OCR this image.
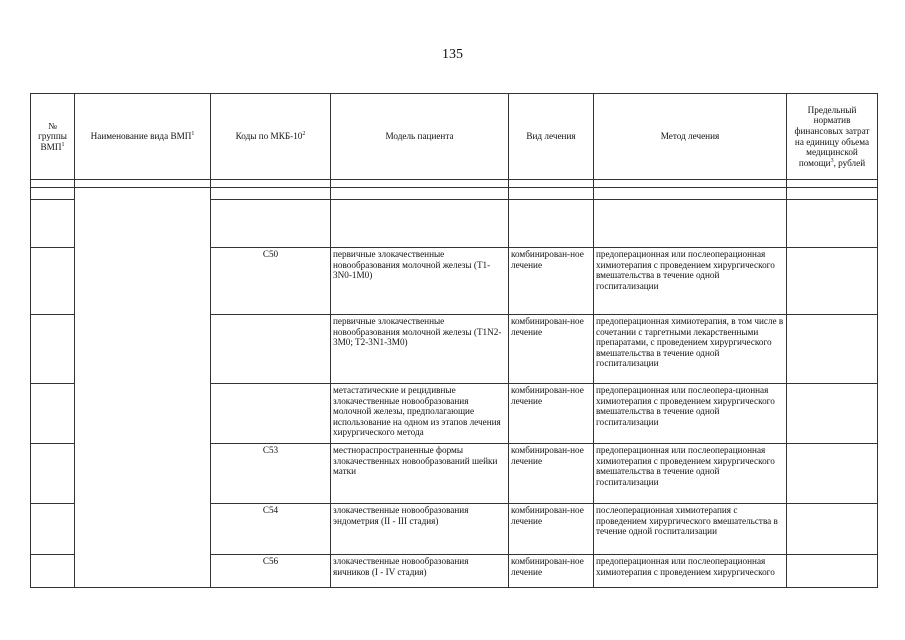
135
№ группы ВМП$^1$	Наименование вида ВМП$^1$	Коды по МКБ-$10^2$	Модель пациента	Вид лечения	Метод лечения	Предельный норматив финансовых затрат на единицу объема медицинской помощи$^3$, рублей

		C50	первичные злокачественные новообразования молочной железы (T1-3N0-1M0)	комбинирован-ное лечение	предоперационная или послеоперационная химиотерапия с проведением хирургического вмешательства в течение одной госпитализации	
			первичные злокачественные новообразования молочной железы (T1N2-3M0; T2-3N1-3M0)	комбинирован-ное лечение	предоперационная химиотерапия, в том числе в сочетании с таргетными лекарственными препаратами, с проведением хирургического вмешательства в течение одной госпитализации	
			метастатические и рецидивные злокачественные новообразования молочной железы, предполагающие использование на одном из этапов лечения хирургического метода	комбинирован-ное лечение	предоперационная или послеопера-ционная химиотерапия с проведением хирургического вмешательства в течение одной госпитализации	
		C53	местнораспространенные формы злокачественных новообразований шейки матки	комбинирован-ное лечение	предоперационная или послеоперационная химиотерапия с проведением хирургического вмешательства в течение одной госпитализации	
		C54	злокачественные новообразования эндометрия (II - III стадия)	комбинирован-ное лечение	послеоперационная химиотерапия с проведением хирургического вмешательства в течение одной госпитализации	
		C56	злокачественные новообразования яичников (I - IV стадия)	комбинирован-ное лечение	предоперационная или послеоперационная химиотерапия с проведением хирургического	
